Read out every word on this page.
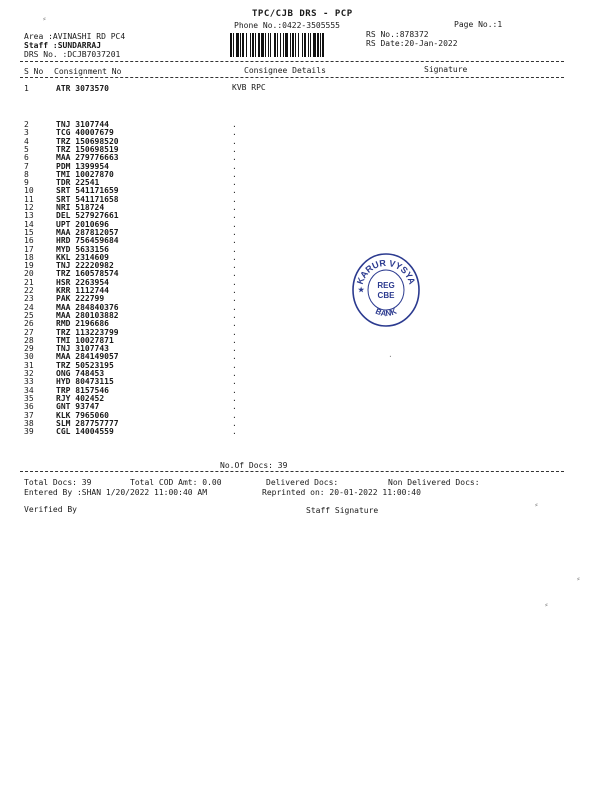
TPC/CJB DRS - PCP
Phone No.:0422-3505555	Page No.:1
Area :AVINASHI RD PC4
Staff :SUNDARRAJ
DRS No. :DCJB7037201
RS No.:878372
RS Date:20-Jan-2022
S No Consignment No	Consignee Details	Signature
1	ATR 3073570	KVB RPC
2	TNJ 3107744	.
3	TCG 40007679	.
4	TRZ 150698520	.
5	TRZ 150698519	.
6	MAA 279776663	.
7	PDM 1399954	.
8	TMI 10027870	.
9	TDR 22541	.
10	SRT 541171659	.
11	SRT 541171658	.
12	NRI 518724	.
13	DEL 527927661	.
14	UPT 2010696	.
15	MAA 287812057	.
16	HRD 756459684	.
17	MYD 5633156	.
18	KKL 2314609	.
19	TNJ 22220982	.
20	TRZ 160578574	.
21	HSR 2263954	.
22	KRR 1112744	.
23	PAK 222799	.
24	MAA 284840376	.
25	MAA 280103882	.
26	RMD 2196686	.
27	TRZ 113223799	.
28	TMI 10027871	.
29	TNJ 3107743	.
30	MAA 284149057	.
31	TRZ 50523195	.
32	ONG 748453	.
33	HYD 80473115	.
34	TRP 8157546	.
35	RJY 402452	.
36	GNT 93747	.
37	KLK 7965060	.
38	SLM 287757777	.
39	CGL 14004559	.
No.Of Docs: 39
Total Docs: 39	Total COD Amt: 0.00	Delivered Docs:	Non Delivered Docs:
Entered By :SHAN 1/20/2022 11:00:40 AM	Reprinted on: 20-01-2022 11:00:40
Verified By	Staff Signature
KARUR VYSYA
BANK
REG
CBE
★
⸗
·
⸗
⸗
⸗
